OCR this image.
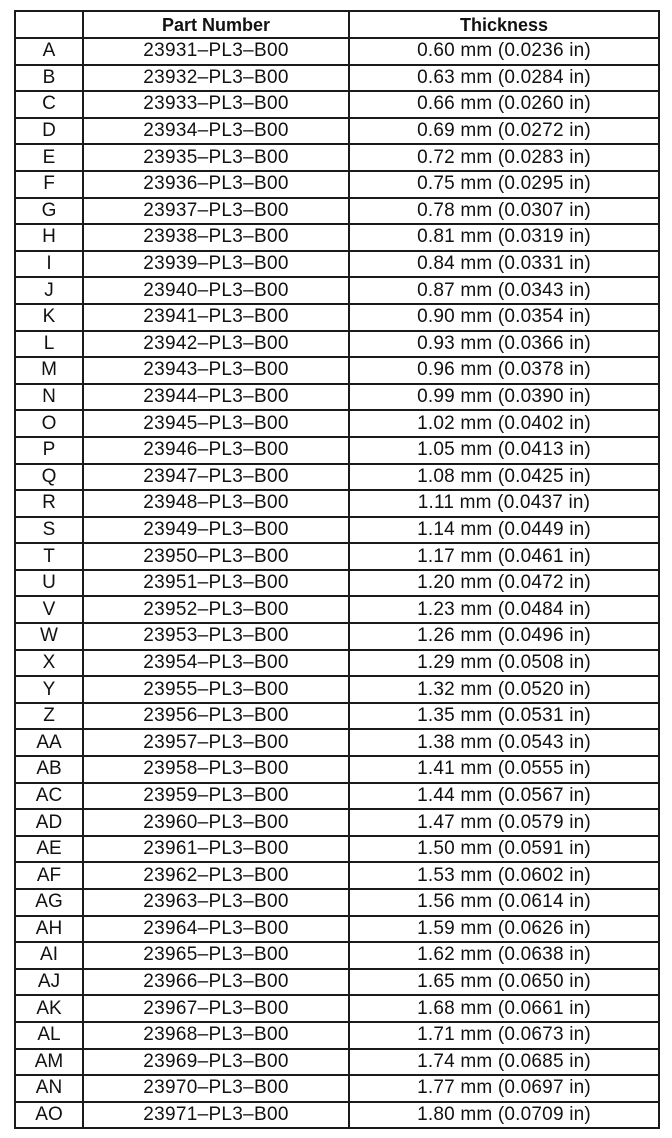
	Part Number	Thickness
A	23931–PL3–B00	0.60 mm (0.0236 in)
B	23932–PL3–B00	0.63 mm (0.0284 in)
C	23933–PL3–B00	0.66 mm (0.0260 in)
D	23934–PL3–B00	0.69 mm (0.0272 in)
E	23935–PL3–B00	0.72 mm (0.0283 in)
F	23936–PL3–B00	0.75 mm (0.0295 in)
G	23937–PL3–B00	0.78 mm (0.0307 in)
H	23938–PL3–B00	0.81 mm (0.0319 in)
I	23939–PL3–B00	0.84 mm (0.0331 in)
J	23940–PL3–B00	0.87 mm (0.0343 in)
K	23941–PL3–B00	0.90 mm (0.0354 in)
L	23942–PL3–B00	0.93 mm (0.0366 in)
M	23943–PL3–B00	0.96 mm (0.0378 in)
N	23944–PL3–B00	0.99 mm (0.0390 in)
O	23945–PL3–B00	1.02 mm (0.0402 in)
P	23946–PL3–B00	1.05 mm (0.0413 in)
Q	23947–PL3–B00	1.08 mm (0.0425 in)
R	23948–PL3–B00	1.11 mm (0.0437 in)
S	23949–PL3–B00	1.14 mm (0.0449 in)
T	23950–PL3–B00	1.17 mm (0.0461 in)
U	23951–PL3–B00	1.20 mm (0.0472 in)
V	23952–PL3–B00	1.23 mm (0.0484 in)
W	23953–PL3–B00	1.26 mm (0.0496 in)
X	23954–PL3–B00	1.29 mm (0.0508 in)
Y	23955–PL3–B00	1.32 mm (0.0520 in)
Z	23956–PL3–B00	1.35 mm (0.0531 in)
AA	23957–PL3–B00	1.38 mm (0.0543 in)
AB	23958–PL3–B00	1.41 mm (0.0555 in)
AC	23959–PL3–B00	1.44 mm (0.0567 in)
AD	23960–PL3–B00	1.47 mm (0.0579 in)
AE	23961–PL3–B00	1.50 mm (0.0591 in)
AF	23962–PL3–B00	1.53 mm (0.0602 in)
AG	23963–PL3–B00	1.56 mm (0.0614 in)
AH	23964–PL3–B00	1.59 mm (0.0626 in)
AI	23965–PL3–B00	1.62 mm (0.0638 in)
AJ	23966–PL3–B00	1.65 mm (0.0650 in)
AK	23967–PL3–B00	1.68 mm (0.0661 in)
AL	23968–PL3–B00	1.71 mm (0.0673 in)
AM	23969–PL3–B00	1.74 mm (0.0685 in)
AN	23970–PL3–B00	1.77 mm (0.0697 in)
AO	23971–PL3–B00	1.80 mm (0.0709 in)
